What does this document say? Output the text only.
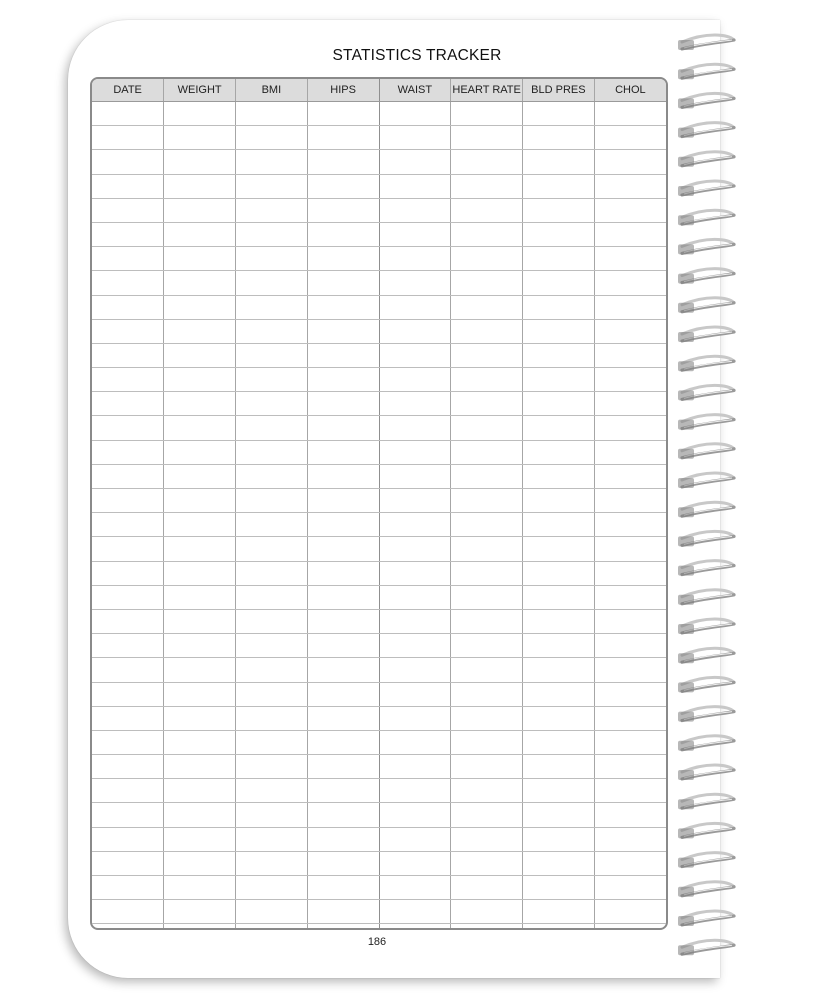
STATISTICS TRACKER
DATE	WEIGHT	BMI	HIPS	WAIST	HEART RATE	BLD PRES	CHOL

186
